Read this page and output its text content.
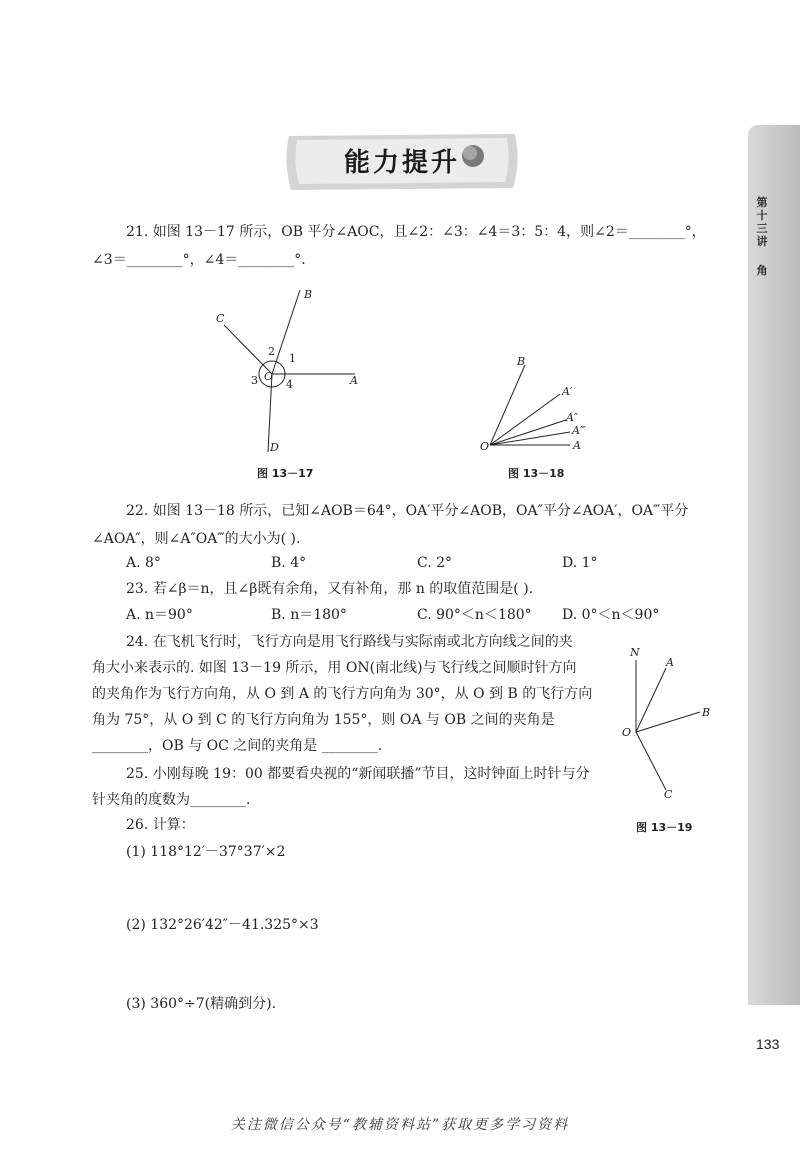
能力提升
第
十
三
讲
角
133
21. 如图 13－17 所示，OB 平分∠AOC，且∠2：∠3：∠4＝3：5：4，则∠2＝________°，
∠3＝________°，∠4＝________°.
B
C
A
D
O
1
2
3	4
图 13－17
B
A′
A″
A‴
A
O
图 13－18
22. 如图 13－18 所示，已知∠AOB＝64°，OA′平分∠AOB，OA″平分∠AOA′，OA‴平分
∠AOA″，则∠A″OA‴的大小为( ).
A. 8°	B. 4°	C. 2°	D. 1°
23. 若∠β＝n，且∠β既有余角，又有补角，那 n 的取值范围是( ).
A. n＝90°	B. n＝180°	C. 90°＜n＜180° D. 0°＜n＜90°
24. 在飞机飞行时，飞行方向是用飞行路线与实际南或北方向线之间的夹
角大小来表示的. 如图 13－19 所示，用 ON(南北线)与飞行线之间顺时针方向
的夹角作为飞行方向角，从 O 到 A 的飞行方向角为 30°，从 O 到 B 的飞行方向
角为 75°，从 O 到 C 的飞行方向角为 155°，则 OA 与 OB 之间的夹角是
________，OB 与 OC 之间的夹角是 ________.
N
A
B
O
C
图 13－19
25. 小刚每晚 19：00 都要看央视的“新闻联播”节目，这时钟面上时针与分
针夹角的度数为________.
26. 计算：
(1) 118°12′－37°37′×2
(2) 132°26′42″－41.325°×3
(3) 360°÷7(精确到分).
关注微信公众号“教辅资料站”获取更多学习资料
